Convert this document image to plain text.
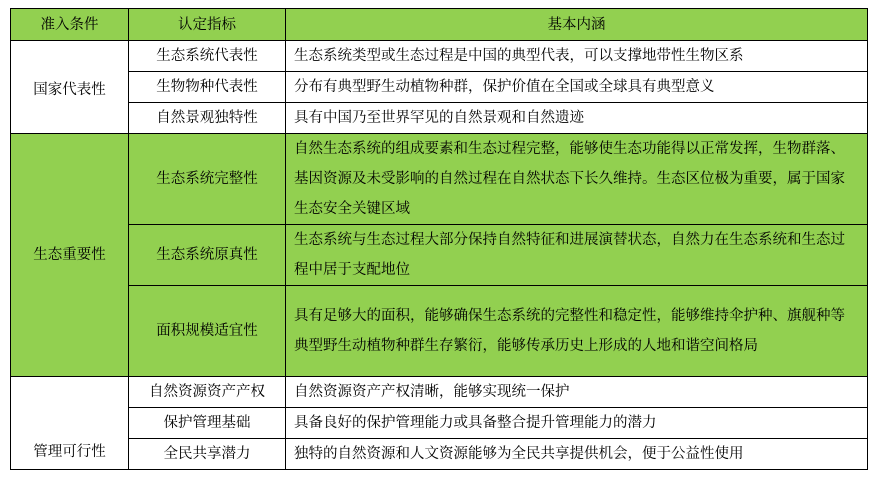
准入条件	认定指标	基本内涵
国家代表性	生态系统代表性	生态系统类型或生态过程是中国的典型代表，可以支撑地带性生物区系
	生物物种代表性	分布有典型野生动植物种群，保护价值在全国或全球具有典型意义
	自然景观独特性	具有中国乃至世界罕见的自然景观和自然遗迹
生态重要性	生态系统完整性	自然生态系统的组成要素和生态过程完整，能够使生态功能得以正常发挥，生物群落、基因资源及未受影响的自然过程在自然状态下长久维持。生态区位极为重要，属于国家生态安全关键区域
	生态系统原真性	生态系统与生态过程大部分保持自然特征和进展演替状态，自然力在生态系统和生态过程中居于支配地位
	面积规模适宜性	具有足够大的面积，能够确保生态系统的完整性和稳定性，能够维持伞护种、旗舰种等典型野生动植物种群生存繁衍，能够传承历史上形成的人地和谐空间格局
管理可行性	自然资源资产产权	自然资源资产产权清晰，能够实现统一保护
	保护管理基础	具备良好的保护管理能力或具备整合提升管理能力的潜力
	全民共享潜力	独特的自然资源和人文资源能够为全民共享提供机会，便于公益性使用
